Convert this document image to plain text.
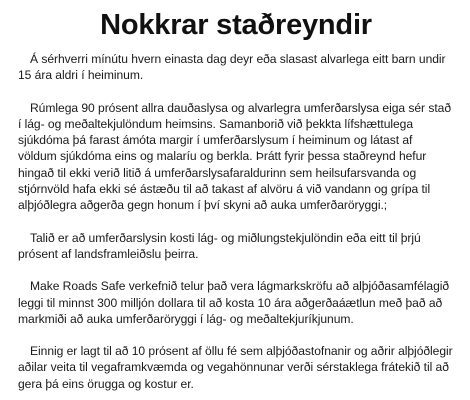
Nokkrar staðreyndir

Á sérhverri mínútu hvern einasta dag deyr eða slasast alvarlega eitt barn undir 15 ára aldri í heiminum.

Rúmlega 90 prósent allra dauðaslysa og alvarlegra umferðarslysa eiga sér stað í lág- og meðaltekjulöndum heimsins. Samanborið við þekkta lífshættulega sjúkdóma þá farast ámóta margir í umferðarslysum í heiminum og látast af völdum sjúkdóma eins og malaríu og berkla. Þrátt fyrir þessa staðreynd hefur hingað til ekki verið litið á umferðarslysafaraldurinn sem heilsufarsvanda og stjórnvöld hafa ekki sé ástæðu til að takast af alvöru á við vandann og grípa til alþjóðlegra aðgerða gegn honum í því skyni að auka umferðaröryggi.;

Talið er að umferðarslysin kosti lág- og miðlungstekjulöndin eða eitt til þrjú prósent af landsframleiðslu þeirra.

Make Roads Safe verkefnið telur það vera lágmarkskröfu að alþjóðasamfélagið leggi til minnst 300 milljón dollara til að kosta 10 ára aðgerðaáætlun með það að markmiði að auka umferðaröryggi í lág- og meðaltekjuríkjunum.

Einnig er lagt til að 10 prósent af öllu fé sem alþjóðastofnanir og aðrir alþjóðlegir aðilar veita til vegaframkvæmda og vegahönnunar verði sérstaklega frátekið til að gera þá eins örugga og kostur er.
